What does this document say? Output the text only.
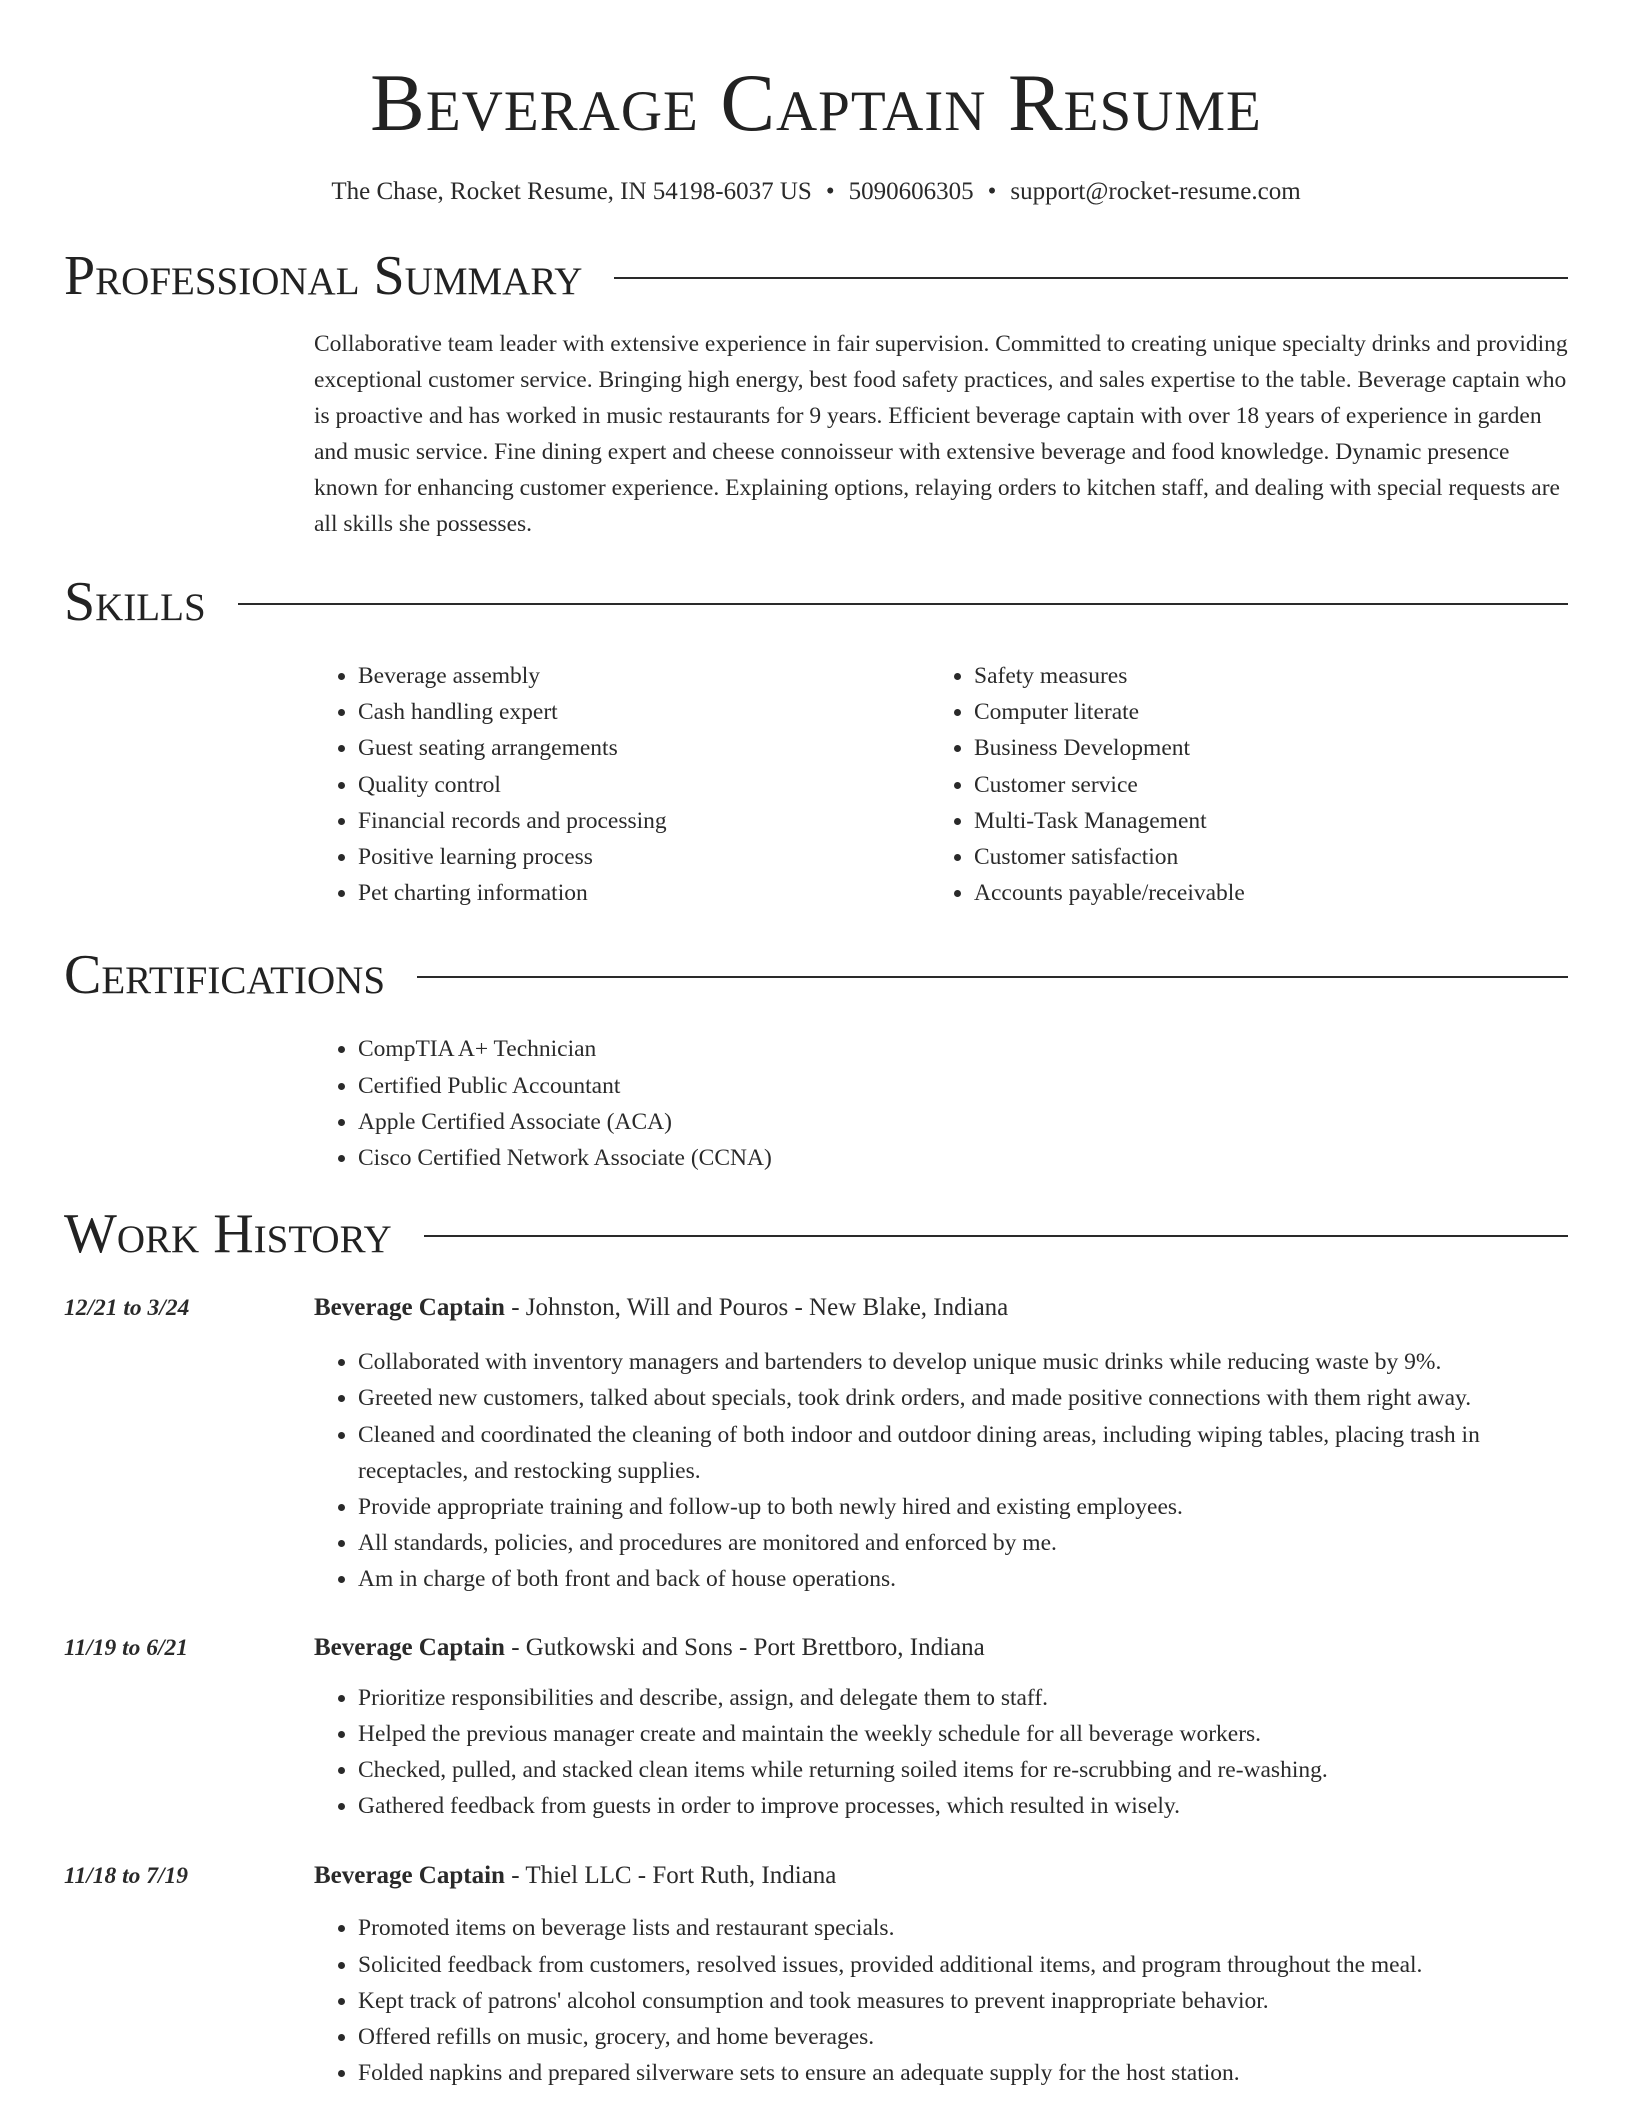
Beverage Captain Resume
The Chase, Rocket Resume, IN 54198-6037 US • 5090606305 • support@rocket-resume.com
Professional Summary
Collaborative team leader with extensive experience in fair supervision. Committed to creating unique specialty drinks and providing exceptional customer service. Bringing high energy, best food safety practices, and sales expertise to the table. Beverage captain who is proactive and has worked in music restaurants for 9 years. Efficient beverage captain with over 18 years of experience in garden and music service. Fine dining expert and cheese connoisseur with extensive beverage and food knowledge. Dynamic presence known for enhancing customer experience. Explaining options, relaying orders to kitchen staff, and dealing with special requests are all skills she possesses.
Skills
• Beverage assembly
• Cash handling expert
• Guest seating arrangements
• Quality control
• Financial records and processing
• Positive learning process
• Pet charting information
• Safety measures
• Computer literate
• Business Development
• Customer service
• Multi-Task Management
• Customer satisfaction
• Accounts payable/receivable
Certifications
• CompTIA A+ Technician
• Certified Public Accountant
• Apple Certified Associate (ACA)
• Cisco Certified Network Associate (CCNA)
Work History
12/21 to 3/24	Beverage Captain - Johnston, Will and Pouros - New Blake, Indiana
• Collaborated with inventory managers and bartenders to develop unique music drinks while reducing waste by 9%.
• Greeted new customers, talked about specials, took drink orders, and made positive connections with them right away.
• Cleaned and coordinated the cleaning of both indoor and outdoor dining areas, including wiping tables, placing trash in receptacles, and restocking supplies.
• Provide appropriate training and follow-up to both newly hired and existing employees.
• All standards, policies, and procedures are monitored and enforced by me.
• Am in charge of both front and back of house operations.
11/19 to 6/21	Beverage Captain - Gutkowski and Sons - Port Brettboro, Indiana
• Prioritize responsibilities and describe, assign, and delegate them to staff.
• Helped the previous manager create and maintain the weekly schedule for all beverage workers.
• Checked, pulled, and stacked clean items while returning soiled items for re-scrubbing and re-washing.
• Gathered feedback from guests in order to improve processes, which resulted in wisely.
11/18 to 7/19	Beverage Captain - Thiel LLC - Fort Ruth, Indiana
• Promoted items on beverage lists and restaurant specials.
• Solicited feedback from customers, resolved issues, provided additional items, and program throughout the meal.
• Kept track of patrons' alcohol consumption and took measures to prevent inappropriate behavior.
• Offered refills on music, grocery, and home beverages.
• Folded napkins and prepared silverware sets to ensure an adequate supply for the host station.
